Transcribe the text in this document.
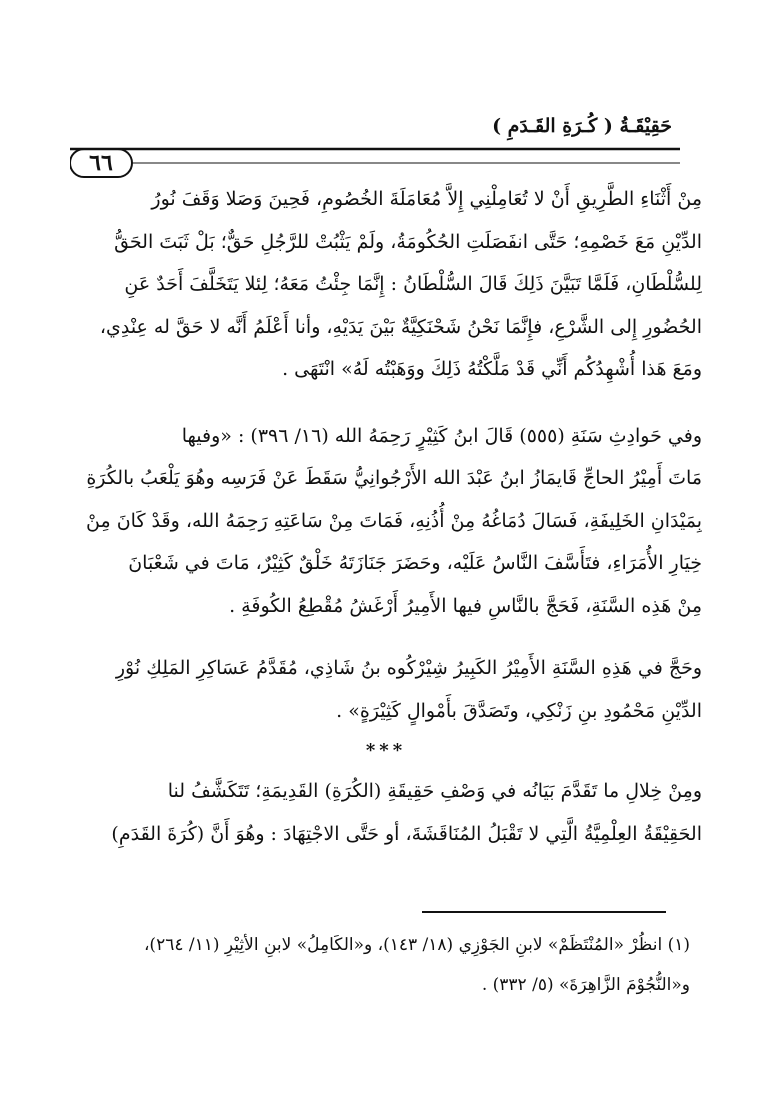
حَقِيْقَـةُ ( كُـرَةِ القَـدَمِ )
٦٦
مِنْ أَثْنَاءِ الطَّرِيقِ أَنْ لا تُعَامِلْنِي إِلاَّ مُعَامَلَةَ الخُصُومِ، فَحِينَ وَصَلا وَقَفَ نُورُ
الدِّيْنِ مَعَ خَصْمِهِ؛ حَتَّى انفَصَلَتِ الحُكُومَةُ، ولَمْ يَثْبُتْ للرَّجُلِ حَقٌّ؛ بَلْ ثَبَتَ الحَقُّ
لِلسُّلْطَانِ، فَلَمَّا تَبَيَّنَ ذَلِكَ قَالَ السُّلْطَانُ : إِنَّمَا جِئْتُ مَعَهُ؛ لِئلا يَتَخَلَّفَ أَحَدٌ عَنِ
الحُضُورِ إِلى الشَّرْعِ، فإِنَّمَا نَحْنُ شَحْنَكِيَّةٌ بَيْنَ يَدَيْهِ، وأنا أَعْلَمُ أَنَّه لا حَقَّ له عِنْدِي،
ومَعَ هَذا أُشْهِدُكُم أَنِّي قَدْ مَلَّكْتُهُ ذَلِكَ ووَهَبْتُه لَهُ» انْتَهَى .
وفي حَوادِثِ سَنَةِ (٥٥٥) قَالَ ابنُ كَثِيْرٍ رَحِمَهُ الله (١٦/ ٣٩٦) : «وفيها
مَاتَ أَمِيْرُ الحاجِّ قَايمَازُ ابنُ عَبْدَ الله الأَرْجُوانِيُّ سَقَطَ عَنْ فَرَسِه وهُوَ يَلْعَبُ بالكُرَةِ
بِمَيْدَانِ الخَلِيفَةِ، فَسَالَ دُمَاغُهُ مِنْ أُذُنِهِ، فَمَاتَ مِنْ سَاعَتِهِ رَحِمَهُ الله، وقَدْ كَانَ مِنْ
خِيَارِ الأُمَرَاءِ، فتَأَسَّفَ النَّاسُ عَلَيْه، وحَضَرَ جَنَازَتَهُ خَلْقٌ كَثِيْرٌ، مَاتَ في شَعْبَانَ
مِنْ هَذِه السَّنَةِ، فَحَجَّ بالنَّاسِ فيها الأَمِيرُ أَرْغَشُ مُقْطِعُ الكُوفَةِ .
وحَجَّ في هَذِهِ السَّنَةِ الأَمِيْرُ الكَبِيرُ شِيْرْكُوه بنُ شَاذِي، مُقَدَّمُ عَسَاكِرِ المَلِكِ نُوْرِ
الدِّيْنِ مَحْمُودِ بنِ زَنْكِي، وتَصَدَّقَ بأَمْوالٍ كَثِيْرَةٍ» .
***
ومِنْ خِلالِ ما تَقَدَّمَ بَيَانُه في وَصْفِ حَقِيقَةِ (الكُرَةِ) القَدِيمَةِ؛ تَتَكَشَّفُ لنا
الحَقِيْقَةُ العِلْمِيَّةُ الَّتِي لا تَقْبَلُ المُنَاقَشَةَ، أو حَتَّى الاجْتِهَادَ : وهُوَ أَنَّ (كُرَةَ القَدَمِ)
(١) انظُرْ «المُنْتَظَمْ» لابنِ الجَوْزِي (١٨/ ١٤٣)، و«الكَامِلُ» لابنِ الأثِيْرِ (١١/ ٢٦٤)،
و«النُّجُوْمَ الزَّاهِرَةَ» (٥/ ٣٣٢) .
